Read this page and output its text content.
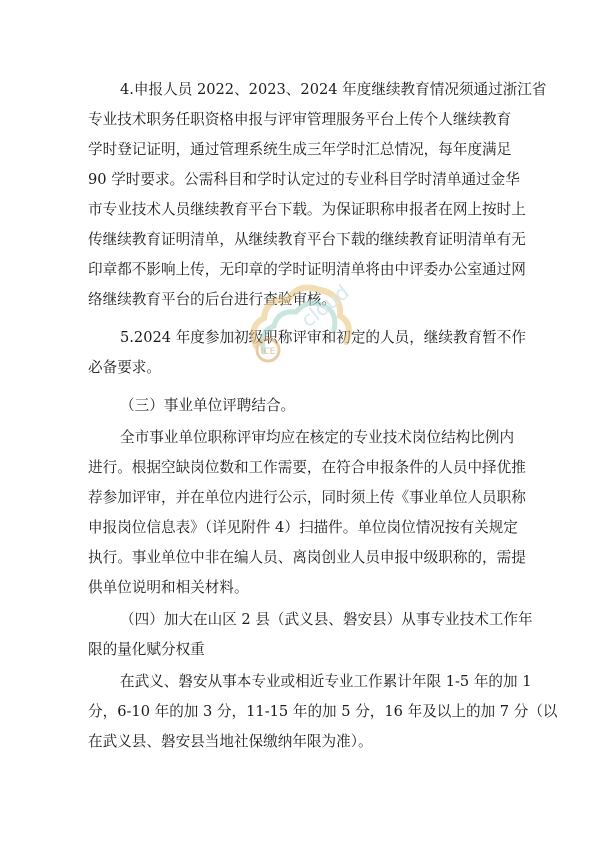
4.申报人员 2022、2023、2024 年度继续教育情况须通过浙江省
专业技术职务任职资格申报与评审管理服务平台上传个人继续教育
学时登记证明，通过管理系统生成三年学时汇总情况，每年度满足
90 学时要求。公需科目和学时认定过的专业科目学时清单通过金华
市专业技术人员继续教育平台下载。为保证职称申报者在网上按时上
传继续教育证明清单，从继续教育平台下载的继续教育证明清单有无
印章都不影响上传，无印章的学时证明清单将由中评委办公室通过网
络继续教育平台的后台进行查验审核。
5.2024 年度参加初级职称评审和初定的人员，继续教育暂不作
必备要求。
（三）事业单位评聘结合。
全市事业单位职称评审均应在核定的专业技术岗位结构比例内
进行。根据空缺岗位数和工作需要，在符合申报条件的人员中择优推
荐参加评审，并在单位内进行公示，同时须上传《事业单位人员职称
申报岗位信息表》（详见附件 4）扫描件。单位岗位情况按有关规定
执行。事业单位中非在编人员、离岗创业人员申报中级职称的，需提
供单位说明和相关材料。
（四）加大在山区 2 县（武义县、磐安县）从事专业技术工作年
限的量化赋分权重
在武义、磐安从事本专业或相近专业工作累计年限 1-5 年的加 1
分，6-10 年的加 3 分，11-15 年的加 5 分，16 年及以上的加 7 分（以
在武义县、磐安县当地社保缴纳年限为准）。
ICE
cloud
